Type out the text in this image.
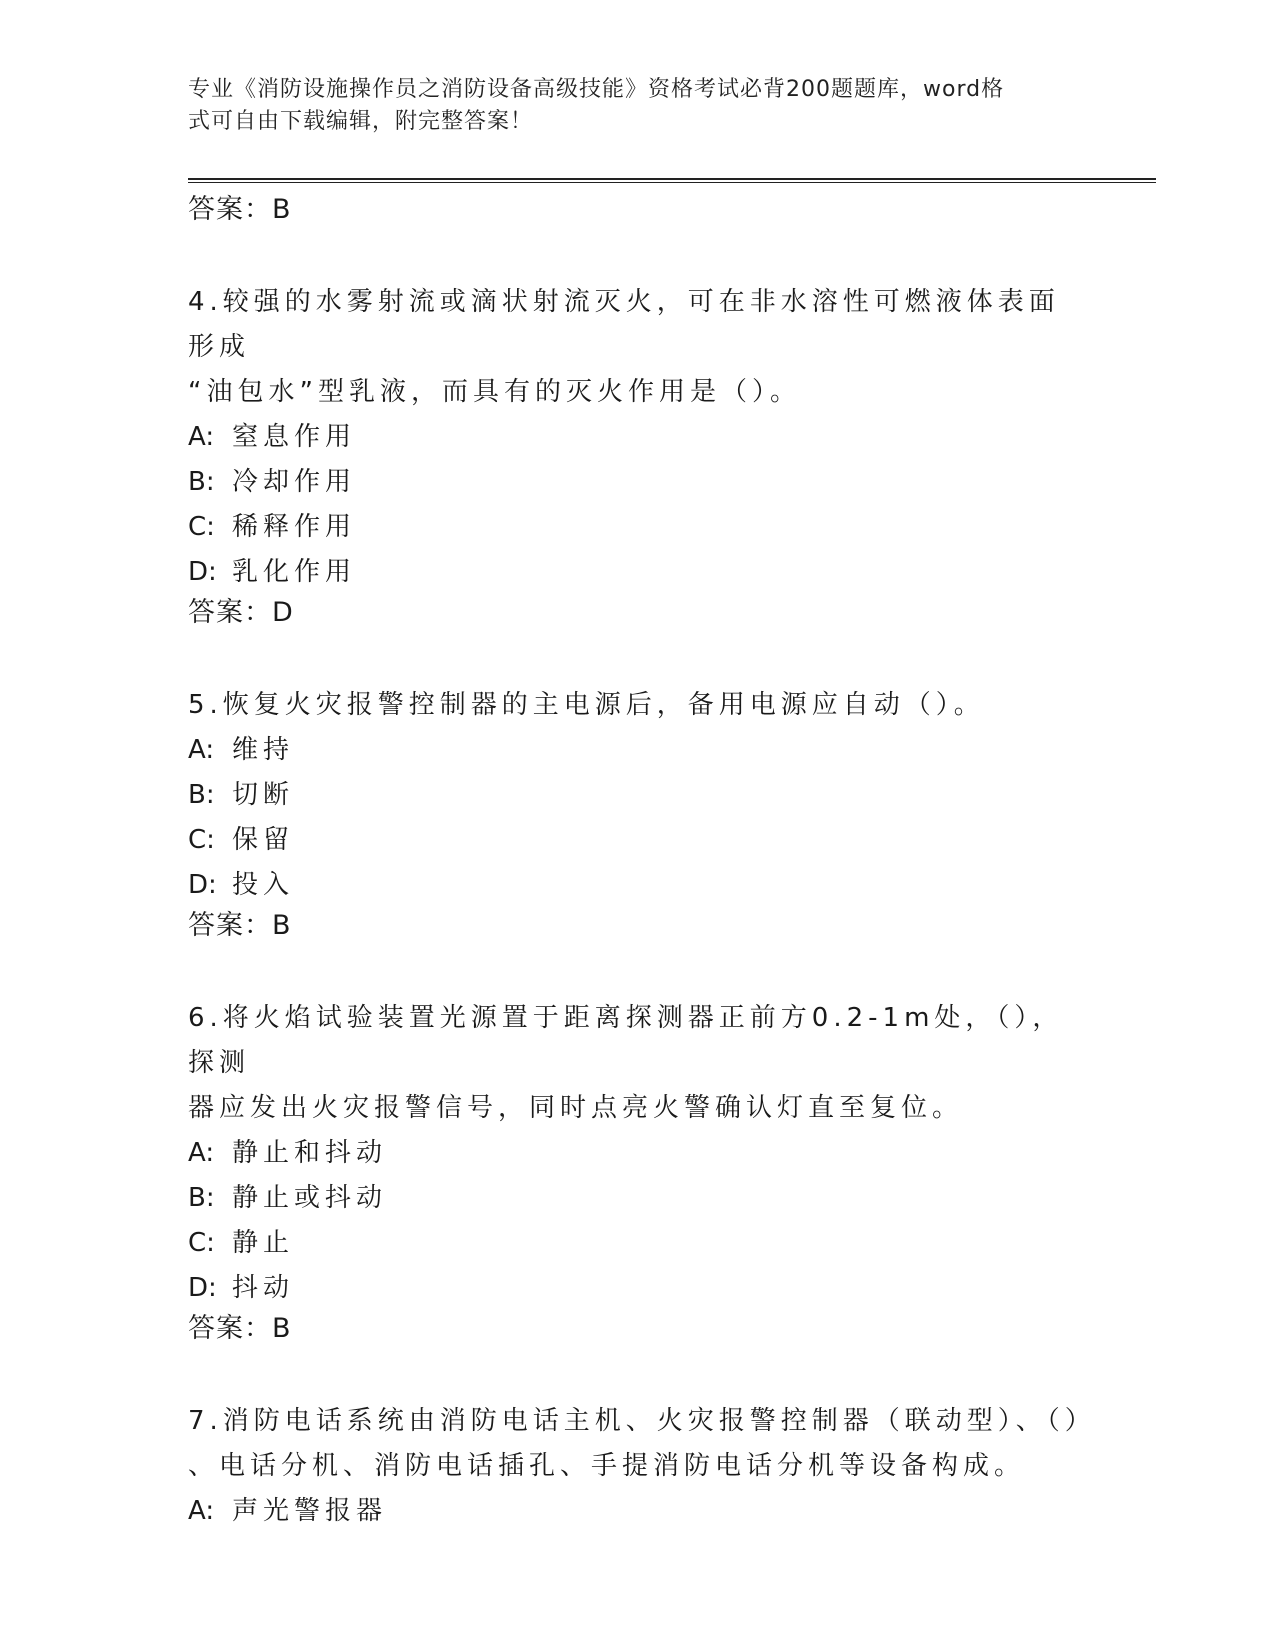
专业《消防设施操作员之消防设备高级技能》资格考试必背200题题库，word格
式可自由下载编辑，附完整答案！
答案：B
4.较强的水雾射流或滴状射流灭火，可在非水溶性可燃液体表面形成
“油包水”型乳液，而具有的灭火作用是（）。
A: 窒息作用
B: 冷却作用
C: 稀释作用
D: 乳化作用
答案：D
5.恢复火灾报警控制器的主电源后，备用电源应自动（）。
A: 维持
B: 切断
C: 保留
D: 投入
答案：B
6.将火焰试验装置光源置于距离探测器正前方0.2-1m处，（），探测
器应发出火灾报警信号，同时点亮火警确认灯直至复位。
A: 静止和抖动
B: 静止或抖动
C: 静止
D: 抖动
答案：B
7.消防电话系统由消防电话主机、火灾报警控制器（联动型）、（）
、电话分机、消防电话插孔、手提消防电话分机等设备构成。
A: 声光警报器
